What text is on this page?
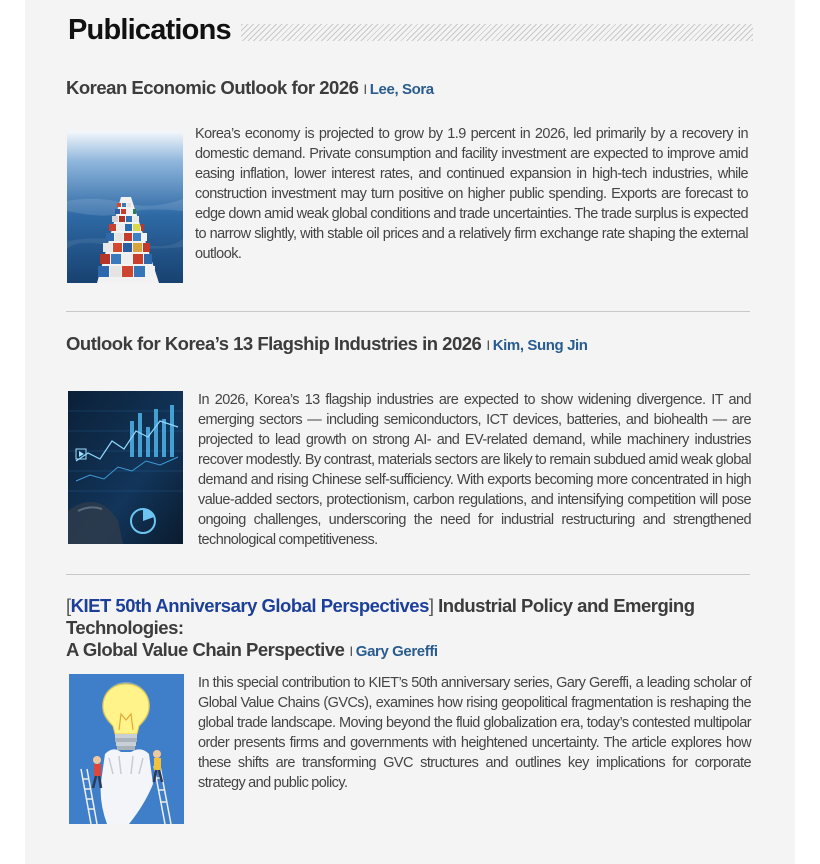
Publications
Korean Economic Outlook for 2026 I Lee, Sora

Korea’s economy is projected to grow by 1.9 percent in 2026, led primarily by a recovery in domestic demand. Private consumption and facility investment are expected to improve amid easing inflation, lower interest rates, and continued expansion in high-tech industries, while construction investment may turn positive on higher public spending. Exports are forecast to edge down amid weak global conditions and trade uncertainties. The trade surplus is expected to narrow slightly, with stable oil prices and a relatively firm exchange rate shaping the external outlook.

Outlook for Korea’s 13 Flagship Industries in 2026 I Kim, Sung Jin

In 2026, Korea’s 13 flagship industries are expected to show widening divergence. IT and emerging sectors — including semiconductors, ICT devices, batteries, and biohealth — are projected to lead growth on strong AI- and EV-related demand, while machinery industries recover modestly. By contrast, materials sectors are likely to remain subdued amid weak global demand and rising Chinese self-sufficiency. With exports becoming more concentrated in high value-added sectors, protectionism, carbon regulations, and intensifying competition will pose ongoing challenges, underscoring the need for industrial restructuring and strengthened technological competitiveness.

[KIET 50th Anniversary Global Perspectives] Industrial Policy and Emerging Technologies:
A Global Value Chain Perspective I Gary Gereffi

In this special contribution to KIET’s 50th anniversary series, Gary Gereffi, a leading scholar of Global Value Chains (GVCs), examines how rising geopolitical fragmentation is reshaping the global trade landscape. Moving beyond the fluid globalization era, today’s contested multipolar order presents firms and governments with heightened uncertainty. The article explores how these shifts are transforming GVC structures and outlines key implications for corporate strategy and public policy.
